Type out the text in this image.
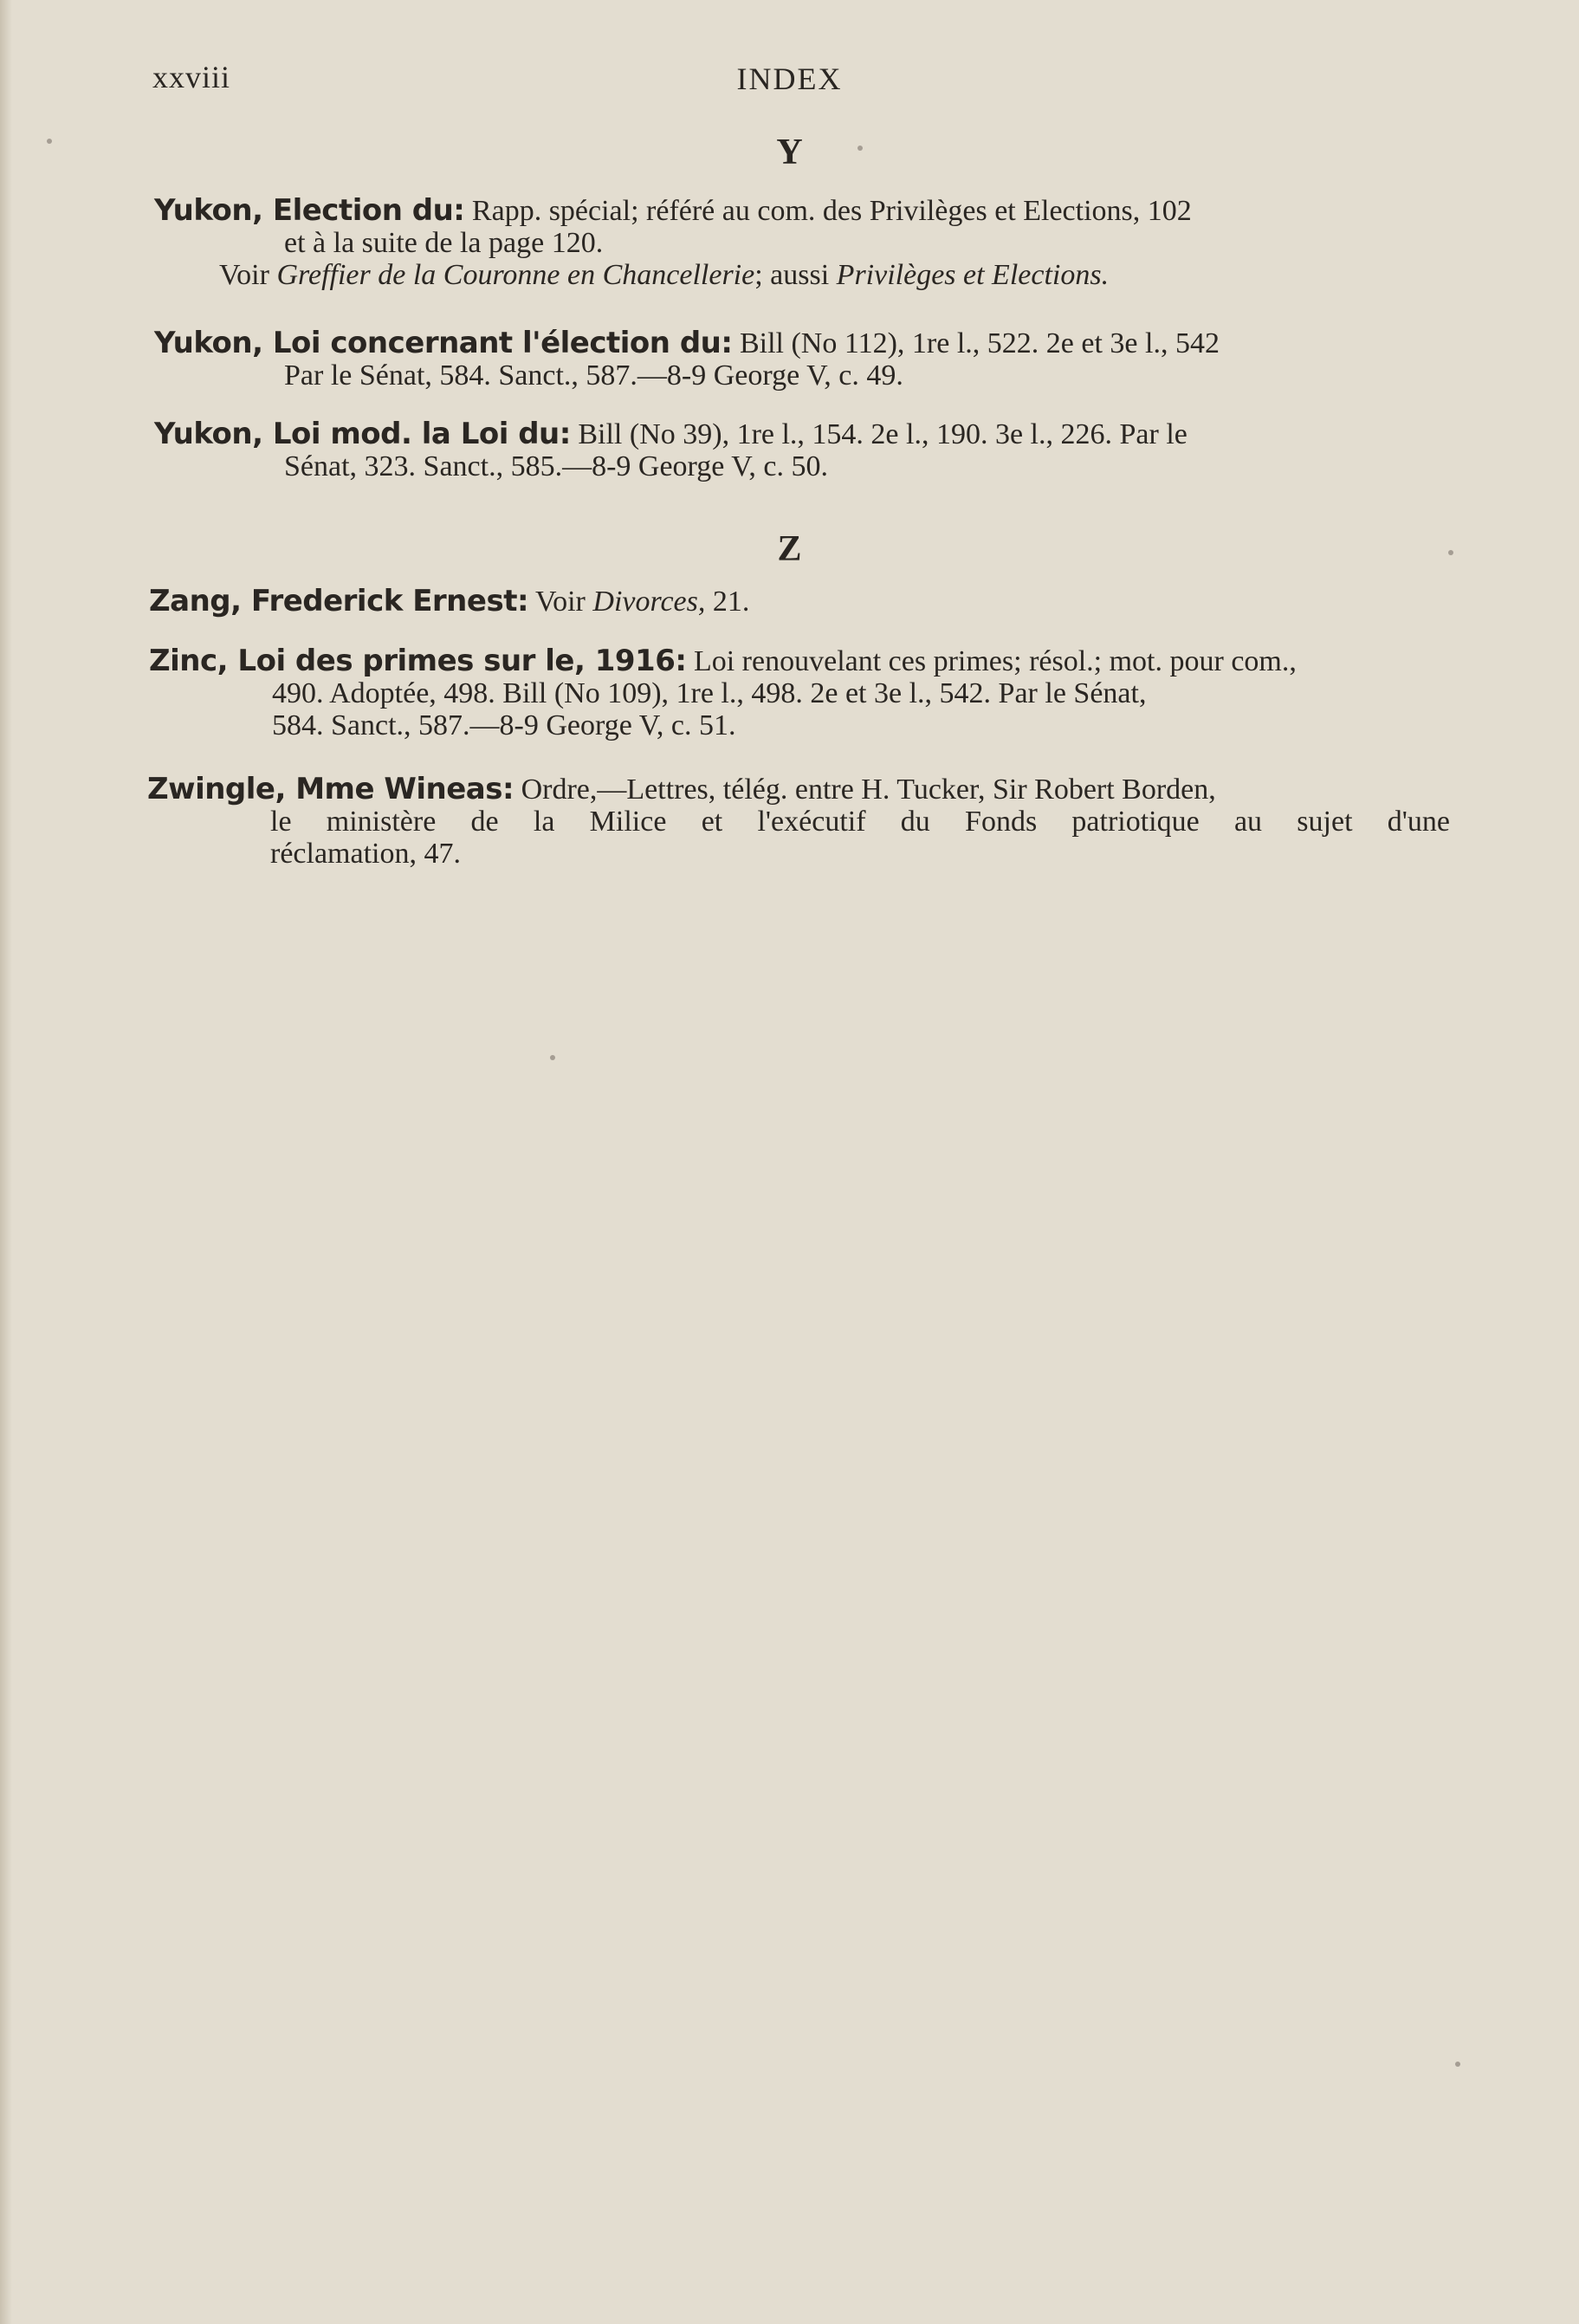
xxviii	INDEX
Y
Yukon, Election du: Rapp. spécial; référé au com. des Privilèges et Elections, 102
et à la suite de la page 120.
Voir Greffier de la Couronne en Chancellerie; aussi Privilèges et Elections.
Yukon, Loi concernant l'élection du: Bill (No 112), 1re l., 522. 2e et 3e l., 542
Par le Sénat, 584. Sanct., 587.—8-9 George V, c. 49.
Yukon, Loi mod. la Loi du: Bill (No 39), 1re l., 154. 2e l., 190. 3e l., 226. Par le
Sénat, 323. Sanct., 585.—8-9 George V, c. 50.
Z
Zang, Frederick Ernest: Voir Divorces, 21.
Zinc, Loi des primes sur le, 1916: Loi renouvelant ces primes; résol.; mot. pour com.,
490. Adoptée, 498. Bill (No 109), 1re l., 498. 2e et 3e l., 542. Par le Sénat,
584. Sanct., 587.—8-9 George V, c. 51.
Zwingle, Mme Wineas: Ordre,—Lettres, télég. entre H. Tucker, Sir Robert Borden,
le ministère de la Milice et l'exécutif du Fonds patriotique au sujet d'une
réclamation, 47.
